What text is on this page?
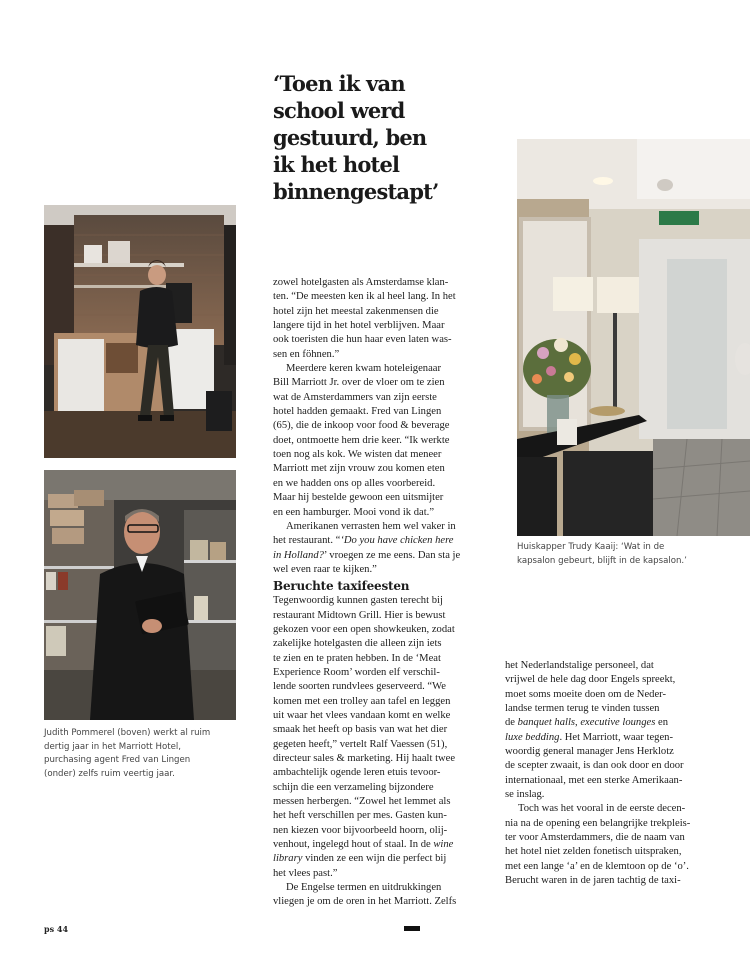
‘Toen ik van
school werd
gestuurd, ben
ik het hotel
binnengestapt’
zowel hotelgasten als Amsterdamse klan-
ten. “De meesten ken ik al heel lang. In het
hotel zijn het meestal zakenmensen die
langere tijd in het hotel verblijven. Maar
ook toeristen die hun haar even laten was-
sen en föhnen.”
Meerdere keren kwam hoteleigenaar
Bill Marriott Jr. over de vloer om te zien
wat de Amsterdammers van zijn eerste
hotel hadden gemaakt. Fred van Lingen
(65), die de inkoop voor food & beverage
doet, ontmoette hem drie keer. “Ik werkte
toen nog als kok. We wisten dat meneer
Marriott met zijn vrouw zou komen eten
en we hadden ons op alles voorbereid.
Maar hij bestelde gewoon een uitsmijter
en een hamburger. Mooi vond ik dat.”
Amerikanen verrasten hem wel vaker in
het restaurant. “‘Do you have chicken here
in Holland?’ vroegen ze me eens. Dan sta je
wel even raar te kijken.”
Beruchte taxifeesten
Tegenwoordig kunnen gasten terecht bij
restaurant Midtown Grill. Hier is bewust
gekozen voor een open showkeuken, zodat
zakelijke hotelgasten die alleen zijn iets
te zien en te praten hebben. In de ‘Meat
Experience Room’ worden elf verschil-
lende soorten rundvlees geserveerd. “We
komen met een trolley aan tafel en leggen
uit waar het vlees vandaan komt en welke
smaak het heeft op basis van wat het dier
gegeten heeft,” vertelt Ralf Vaessen (51),
directeur sales & marketing. Hij haalt twee
ambachtelijk ogende leren etuis tevoor-
schijn die een verzameling bijzondere
messen herbergen. “Zowel het lemmet als
het heft verschillen per mes. Gasten kun-
nen kiezen voor bijvoorbeeld hoorn, olij-
venhout, ingelegd hout of staal. In de wine
library vinden ze een wijn die perfect bij
het vlees past.”
De Engelse termen en uitdrukkingen
vliegen je om de oren in het Marriott. Zelfs
het Nederlandstalige personeel, dat
vrijwel de hele dag door Engels spreekt,
moet soms moeite doen om de Neder-
landse termen terug te vinden tussen
de banquet halls, executive lounges en
luxe bedding. Het Marriott, waar tegen-
woordig general manager Jens Herklotz
de scepter zwaait, is dan ook door en door
internationaal, met een sterke Amerikaan-
se inslag.
Toch was het vooral in de eerste decen-
nia na de opening een belangrijke trekpleis-
ter voor Amsterdammers, die de naam van
het hotel niet zelden fonetisch uitspraken,
met een lange ‘a’ en de klemtoon op de ‘o’.
Berucht waren in de jaren tachtig de taxi-
Judith Pommerel (boven) werkt al ruim
dertig jaar in het Marriott Hotel,
purchasing agent Fred van Lingen
(onder) zelfs ruim veertig jaar.
Huiskapper Trudy Kaaij: ‘Wat in de
kapsalon gebeurt, blijft in de kapsalon.’
ps 44
